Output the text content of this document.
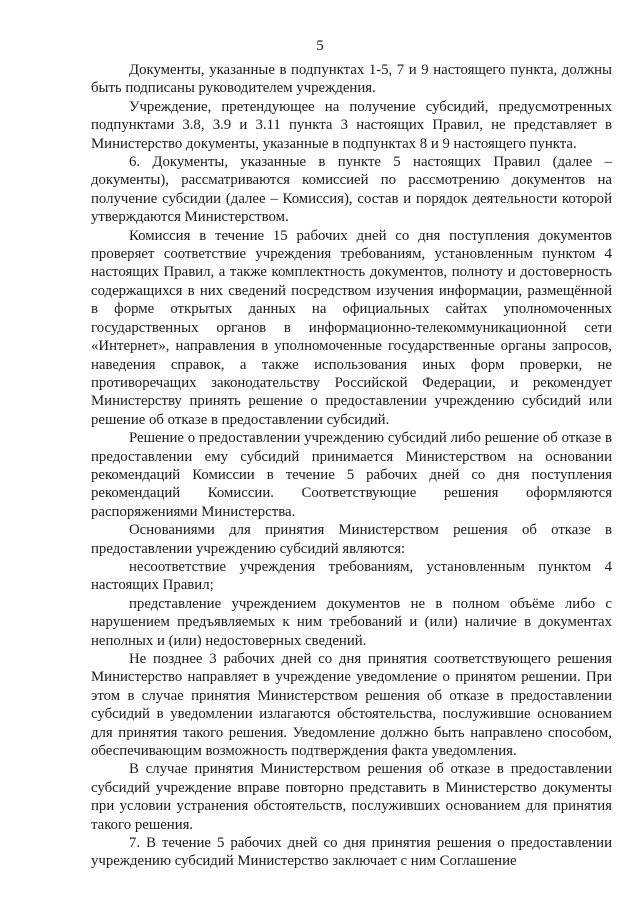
5

Документы, указанные в подпунктах 1-5, 7 и 9 настоящего пункта, должны быть подписаны руководителем учреждения.

Учреждение, претендующее на получение субсидий, предусмотренных подпунктами 3.8, 3.9 и 3.11 пункта 3 настоящих Правил, не представляет в Министерство документы, указанные в подпунктах 8 и 9 настоящего пункта.

6. Документы, указанные в пункте 5 настоящих Правил (далее – документы), рассматриваются комиссией по рассмотрению документов на получение субсидии (далее – Комиссия), состав и порядок деятельности которой утверждаются Министерством.

Комиссия в течение 15 рабочих дней со дня поступления документов проверяет соответствие учреждения требованиям, установленным пунктом 4 настоящих Правил, а также комплектность документов, полноту и достоверность содержащихся в них сведений посредством изучения информации, размещённой в форме открытых данных на официальных сайтах уполномоченных государственных органов в информационно-телекоммуникационной сети «Интернет», направления в уполномоченные государственные органы запросов, наведения справок, а также использования иных форм проверки, не противоречащих законодательству Российской Федерации, и рекомендует Министерству принять решение о предоставлении учреждению субсидий или решение об отказе в предоставлении субсидий.

Решение о предоставлении учреждению субсидий либо решение об отказе в предоставлении ему субсидий принимается Министерством на основании рекомендаций Комиссии в течение 5 рабочих дней со дня поступления рекомендаций Комиссии. Соответствующие решения оформляются распоряжениями Министерства.

Основаниями для принятия Министерством решения об отказе в предоставлении учреждению субсидий являются:

несоответствие учреждения требованиям, установленным пунктом 4 настоящих Правил;

представление учреждением документов не в полном объёме либо с нарушением предъявляемых к ним требований и (или) наличие в документах неполных и (или) недостоверных сведений.

Не позднее 3 рабочих дней со дня принятия соответствующего решения Министерство направляет в учреждение уведомление о принятом решении. При этом в случае принятия Министерством решения об отказе в предоставлении субсидий в уведомлении излагаются обстоятельства, послужившие основанием для принятия такого решения. Уведомление должно быть направлено способом, обеспечивающим возможность подтверждения факта уведомления.

В случае принятия Министерством решения об отказе в предоставлении субсидий учреждение вправе повторно представить в Министерство документы при условии устранения обстоятельств, послуживших основанием для принятия такого решения.

7. В течение 5 рабочих дней со дня принятия решения о предоставлении учреждению субсидий Министерство заключает с ним Соглашение
